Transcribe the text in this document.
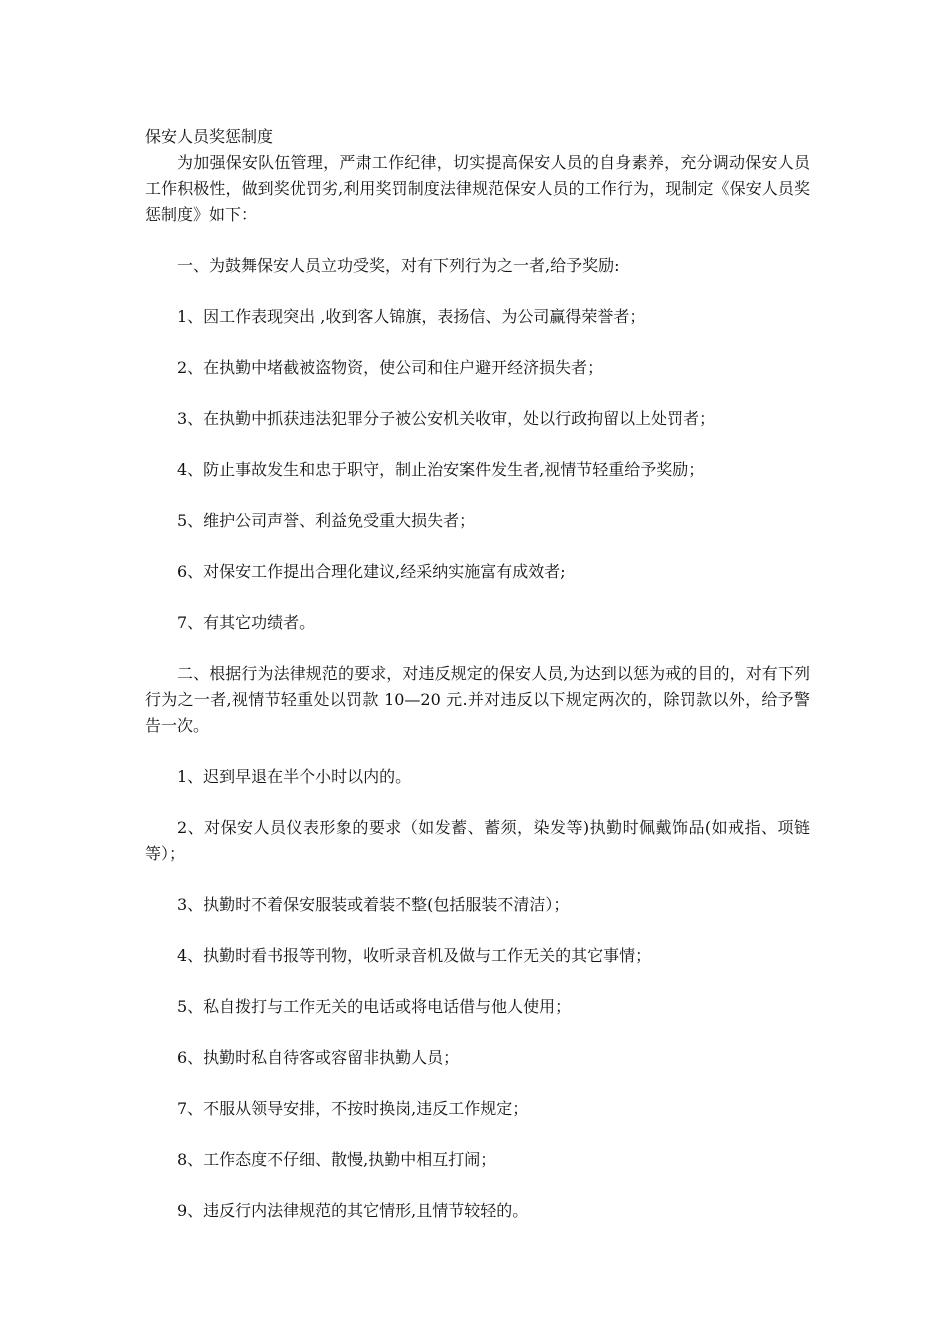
保安人员奖惩制度

为加强保安队伍管理，严肃工作纪律，切实提高保安人员的自身素养，充分调动保安人员工作积极性，做到奖优罚劣,利用奖罚制度法律规范保安人员的工作行为，现制定《保安人员奖惩制度》如下：

一、为鼓舞保安人员立功受奖，对有下列行为之一者,给予奖励:

1、因工作表现突出 ,收到客人锦旗，表扬信、为公司赢得荣誉者；

2、在执勤中堵截被盗物资，使公司和住户避开经济损失者；

3、在执勤中抓获违法犯罪分子被公安机关收审，处以行政拘留以上处罚者；

4、防止事故发生和忠于职守，制止治安案件发生者,视情节轻重给予奖励；

5、维护公司声誉、利益免受重大损失者；

6、对保安工作提出合理化建议,经采纳实施富有成效者;

7、有其它功绩者。

二、根据行为法律规范的要求，对违反规定的保安人员,为达到以惩为戒的目的，对有下列行为之一者,视情节轻重处以罚款 10—20 元.并对违反以下规定两次的，除罚款以外，给予警告一次。

1、迟到早退在半个小时以内的。

2、对保安人员仪表形象的要求（如发蓄、蓄须，染发等)执勤时佩戴饰品(如戒指、项链等）；

3、执勤时不着保安服装或着装不整(包括服装不清洁）；

4、执勤时看书报等刊物，收听录音机及做与工作无关的其它事情；

5、私自拨打与工作无关的电话或将电话借与他人使用；

6、执勤时私自待客或容留非执勤人员；

7、不服从领导安排，不按时换岗,违反工作规定；

8、工作态度不仔细、散慢,执勤中相互打闹；

9、违反行内法律规范的其它情形,且情节较轻的。
